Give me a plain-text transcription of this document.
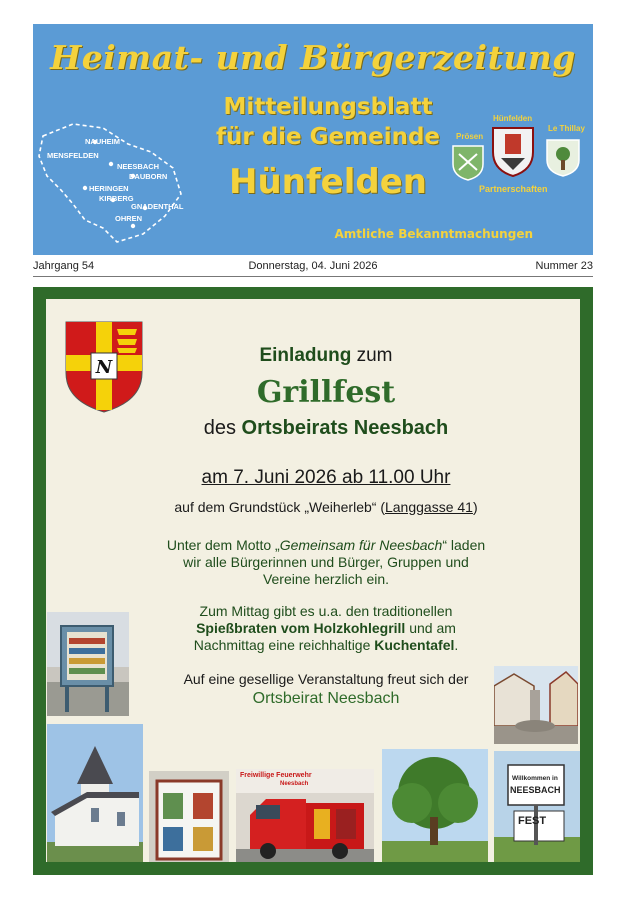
Heimat- und Bürgerzeitung
NAUHEIM
MENSFELDEN
NEESBACH
DAUBORN
HERINGEN
KIRBERG
GNADENTHAL
OHREN
Mitteilungsblatt
für die Gemeinde
Hünfelden
Prösen
Hünfelden
Le Thillay
Partnerschaften
Amtliche Bekanntmachungen
Jahrgang 54	Donnerstag, 04. Juni 2026	Nummer 23
N
Einladung zum
Grillfest
des Ortsbeirats Neesbach
am 7. Juni 2026 ab 11.00 Uhr
auf dem Grundstück „Weiherleb“ (Langgasse 41)
Unter dem Motto „Gemeinsam für Neesbach“ laden
wir alle Bürgerinnen und Bürger, Gruppen und
Vereine herzlich ein.
Zum Mittag gibt es u.a. den traditionellen
Spießbraten vom Holzkohlegrill und am
Nachmittag eine reichhaltige Kuchentafel.
Auf eine gesellige Veranstaltung freut sich der
Ortsbeirat Neesbach
Freiwillige Feuerwehr
Neesbach
Willkommen in
NEESBACH
FEST
